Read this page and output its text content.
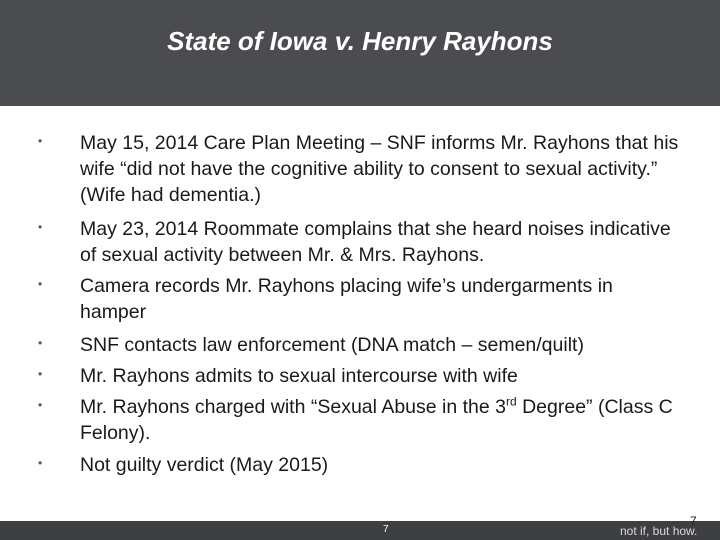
State of Iowa v. Henry Rayhons
• May 15, 2014 Care Plan Meeting – SNF informs Mr. Rayhons that his wife “did not have the cognitive ability to consent to sexual activity.” (Wife had dementia.)
• May 23, 2014 Roommate complains that she heard noises indicative of sexual activity between Mr. & Mrs. Rayhons.
• Camera records Mr. Rayhons placing wife’s undergarments in hamper
• SNF contacts law enforcement (DNA match – semen/quilt)
• Mr. Rayhons admits to sexual intercourse with wife
• Mr. Rayhons charged with “Sexual Abuse in the 3rd Degree” (Class C Felony).
• Not guilty verdict (May 2015)
7	not if, but how.
7
